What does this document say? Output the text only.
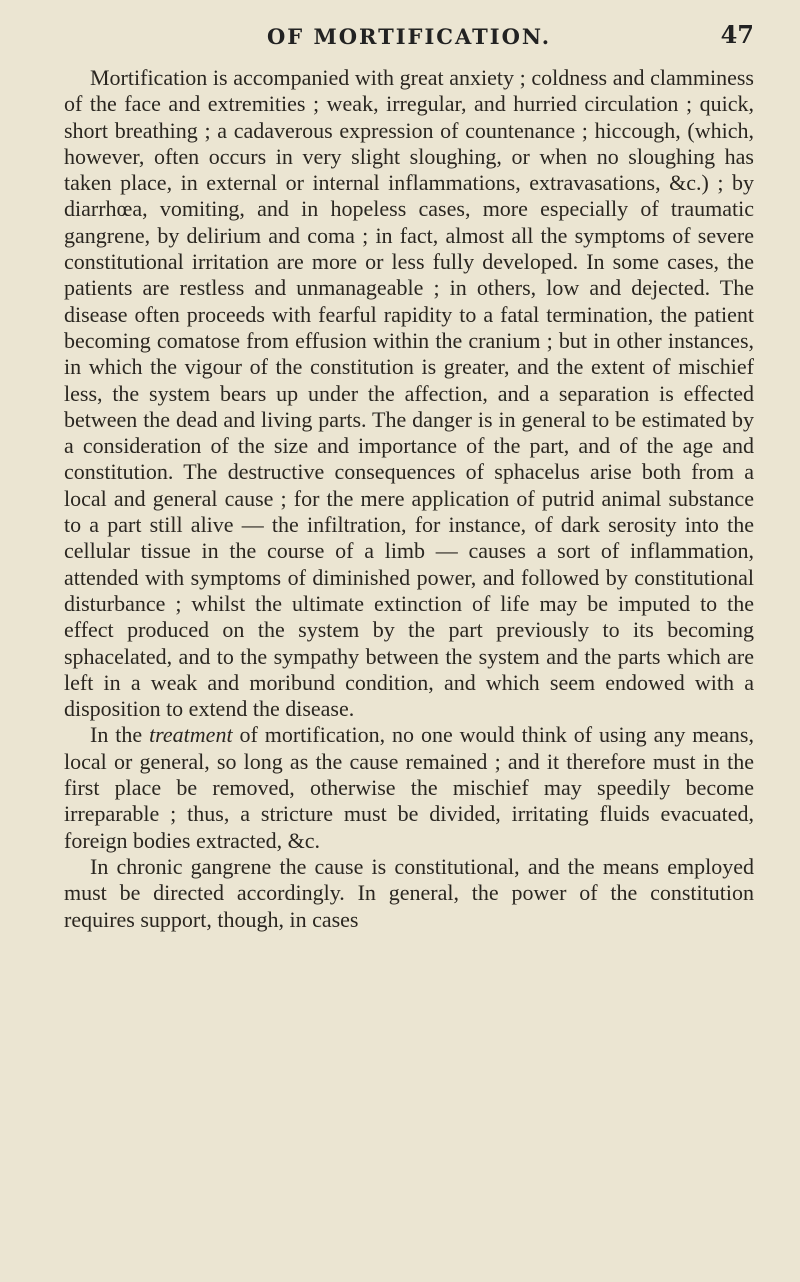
OF MORTIFICATION.	47

Mortification is accompanied with great anxiety ; coldness and clamminess of the face and extremities ; weak, irregular, and hurried circulation ; quick, short breathing ; a cadaverous expression of countenance ; hiccough, (which, however, often occurs in very slight sloughing, or when no sloughing has taken place, in external or internal inflammations, extravasations, &c.) ; by diarrhœa, vomiting, and in hopeless cases, more especially of traumatic gangrene, by delirium and coma ; in fact, almost all the symptoms of severe constitutional irritation are more or less fully developed. In some cases, the patients are restless and unmanageable ; in others, low and dejected. The disease often proceeds with fearful rapidity to a fatal termination, the patient becoming comatose from effusion within the cranium ; but in other instances, in which the vigour of the constitution is greater, and the extent of mischief less, the system bears up under the affection, and a separation is effected between the dead and living parts. The danger is in general to be estimated by a consideration of the size and importance of the part, and of the age and constitution. The destructive consequences of sphacelus arise both from a local and general cause ; for the mere application of putrid animal substance to a part still alive — the infiltration, for instance, of dark serosity into the cellular tissue in the course of a limb — causes a sort of inflammation, attended with symptoms of diminished power, and followed by constitutional disturbance ; whilst the ultimate extinction of life may be imputed to the effect produced on the system by the part previously to its becoming sphacelated, and to the sympathy between the system and the parts which are left in a weak and moribund condition, and which seem endowed with a disposition to extend the disease.

In the treatment of mortification, no one would think of using any means, local or general, so long as the cause remained ; and it therefore must in the first place be removed, otherwise the mischief may speedily become irreparable ; thus, a stricture must be divided, irritating fluids evacuated, foreign bodies extracted, &c.

In chronic gangrene the cause is constitutional, and the means employed must be directed accordingly. In general, the power of the constitution requires support, though, in cases
